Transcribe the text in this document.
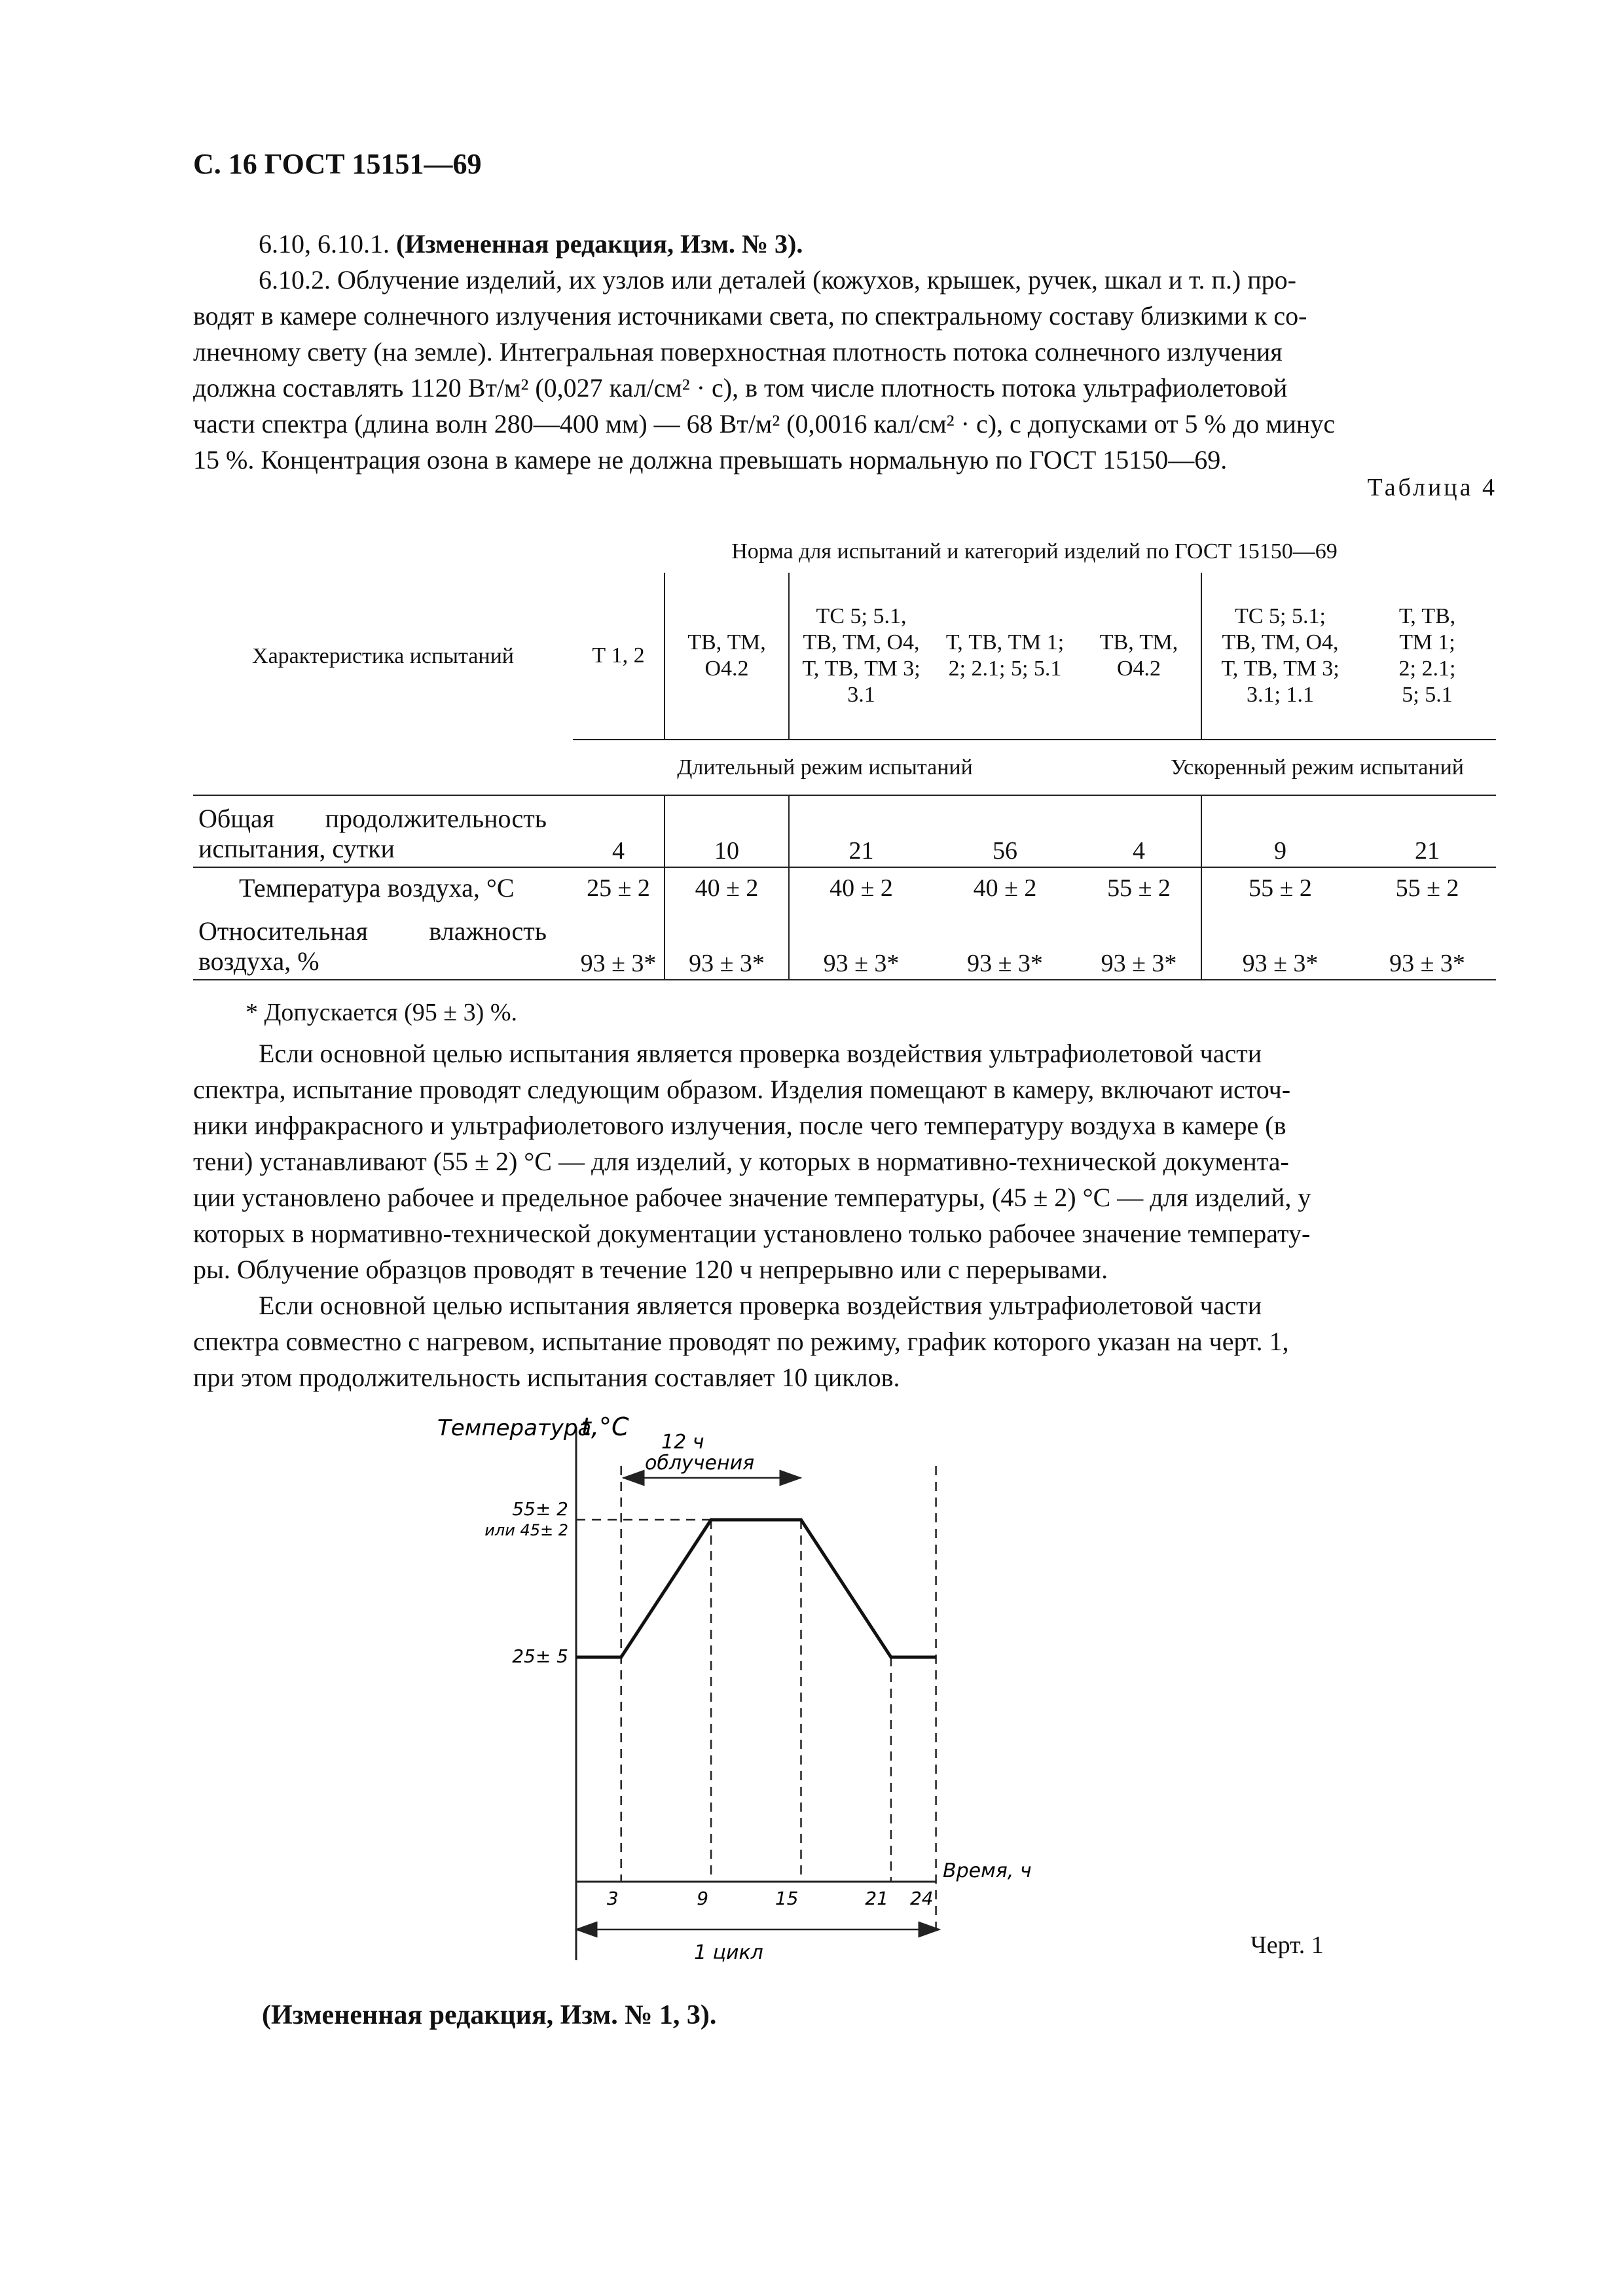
С. 16 ГОСТ 15151—69
6.10, 6.10.1. (Измененная редакция, Изм. № 3).
6.10.2. Облучение изделий, их узлов или деталей (кожухов, крышек, ручек, шкал и т. п.) про-
водят в камере солнечного излучения источниками света, по спектральному составу близкими к со-
лнечному свету (на земле). Интегральная поверхностная плотность потока солнечного излучения
должна составлять 1120 Вт/м² (0,027 кал/см² · с), в том числе плотность потока ультрафиолетовой
части спектра (длина волн 280—400 мм) — 68 Вт/м² (0,0016 кал/см² · с), с допусками от 5 % до минус
15 %. Концентрация озона в камере не должна превышать нормальную по ГОСТ 15150—69.
Таблица 4
	Норма для испытаний и категорий изделий по ГОСТ 15150—69						
Характеристика испытаний	Т 1, 2	ТВ, ТМ, О4.2	ТС 5; 5.1, ТВ, ТМ, О4, Т, ТВ, ТМ 3; 3.1	Т, ТВ, ТМ 1; 2; 2.1; 5; 5.1	ТВ, ТМ, О4.2	ТС 5; 5.1; ТВ, ТМ, О4, Т, ТВ, ТМ 3; 3.1; 1.1	Т, ТВ, ТМ 1; 2; 2.1; 5; 5.1
	Длительный режим испытаний				Ускоренный режим испытаний		
Общая продолжительность испытания, сутки	4	10	21	56	4	9	21
Температура воздуха, °С	25 ± 2	40 ± 2	40 ± 2	40 ± 2	55 ± 2	55 ± 2	55 ± 2
Относительная влажность воздуха, %	93 ± 3*	93 ± 3*	93 ± 3*	93 ± 3*	93 ± 3*	93 ± 3*	93 ± 3*
* Допускается (95 ± 3) %.
Если основной целью испытания является проверка воздействия ультрафиолетовой части
спектра, испытание проводят следующим образом. Изделия помещают в камеру, включают источ-
ники инфракрасного и ультрафиолетового излучения, после чего температуру воздуха в камере (в
тени) устанавливают (55 ± 2) °С — для изделий, у которых в нормативно-технической документа-
ции установлено рабочее и предельное рабочее значение температуры, (45 ± 2) °С — для изделий, у
которых в нормативно-технической документации установлено только рабочее значение температу-
ры. Облучение образцов проводят в течение 120 ч непрерывно или с перерывами.
Если основной целью испытания является проверка воздействия ультрафиолетовой части
спектра совместно с нагревом, испытание проводят по режиму, график которого указан на черт. 1,
при этом продолжительность испытания составляет 10 циклов.
Температура
t,°C
12 ч
облучения
55± 2
или 45± 2
25± 5
Время, ч
1 цикл
3	9	15	21 24
Черт. 1
(Измененная редакция, Изм. № 1, 3).
